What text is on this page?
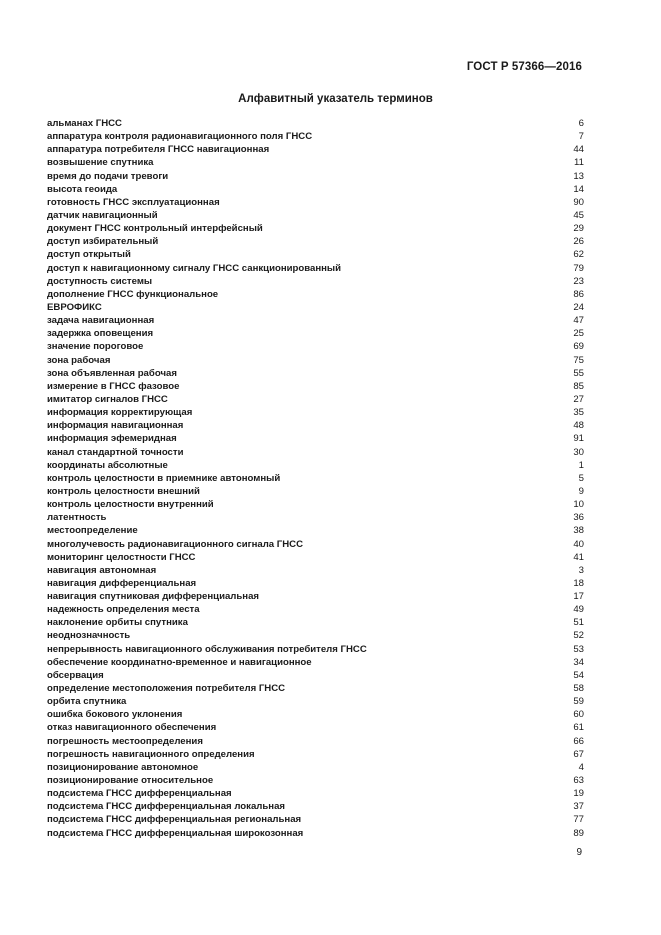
ГОСТ Р 57366—2016
Алфавитный указатель терминов
альманах ГНСС	6
аппаратура контроля радионавигационного поля ГНСС	7
аппаратура потребителя ГНСС навигационная	44
возвышение спутника	11
время до подачи тревоги	13
высота геоида	14
готовность ГНСС эксплуатационная	90
датчик навигационный	45
документ ГНСС контрольный интерфейсный	29
доступ избирательный	26
доступ открытый	62
доступ к навигационному сигналу ГНСС санкционированный	79
доступность системы	23
дополнение ГНСС функциональное	86
ЕВРОФИКС	24
задача навигационная	47
задержка оповещения	25
значение пороговое	69
зона рабочая	75
зона объявленная рабочая	55
измерение в ГНСС фазовое	85
имитатор сигналов ГНСС	27
информация корректирующая	35
информация навигационная	48
информация эфемеридная	91
канал стандартной точности	30
координаты абсолютные	1
контроль целостности в приемнике автономный	5
контроль целостности внешний	9
контроль целостности внутренний	10
латентность	36
местоопределение	38
многолучевость радионавигационного сигнала ГНСС	40
мониторинг целостности ГНСС	41
навигация автономная	3
навигация дифференциальная	18
навигация спутниковая дифференциальная	17
надежность определения места	49
наклонение орбиты спутника	51
неоднозначность	52
непрерывность навигационного обслуживания потребителя ГНСС	53
обеспечение координатно-временное и навигационное	34
обсервация	54
определение местоположения потребителя ГНСС	58
орбита спутника	59
ошибка бокового уклонения	60
отказ навигационного обеспечения	61
погрешность местоопределения	66
погрешность навигационного определения	67
позиционирование автономное	4
позиционирование относительное	63
подсистема ГНСС дифференциальная	19
подсистема ГНСС дифференциальная локальная	37
подсистема ГНСС дифференциальная региональная	77
подсистема ГНСС дифференциальная широкозонная	89
9
